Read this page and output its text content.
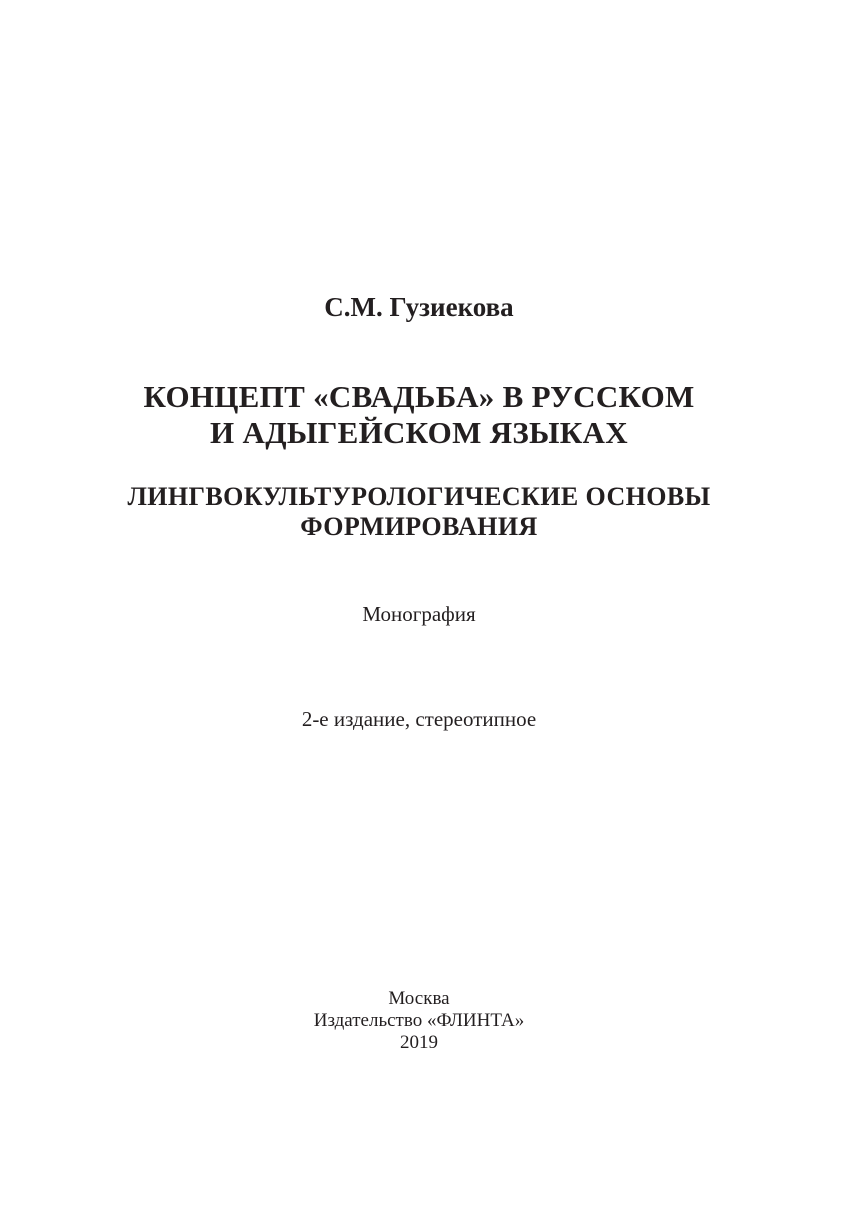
С.М. Гузиекова
КОНЦЕПТ «СВАДЬБА» В РУССКОМ
И АДЫГЕЙСКОМ ЯЗЫКАХ
ЛИНГВОКУЛЬТУРОЛОГИЧЕСКИЕ ОСНОВЫ
ФОРМИРОВАНИЯ
Монография
2-е издание, стереотипное
Москва
Издательство «ФЛИНТА»
2019
